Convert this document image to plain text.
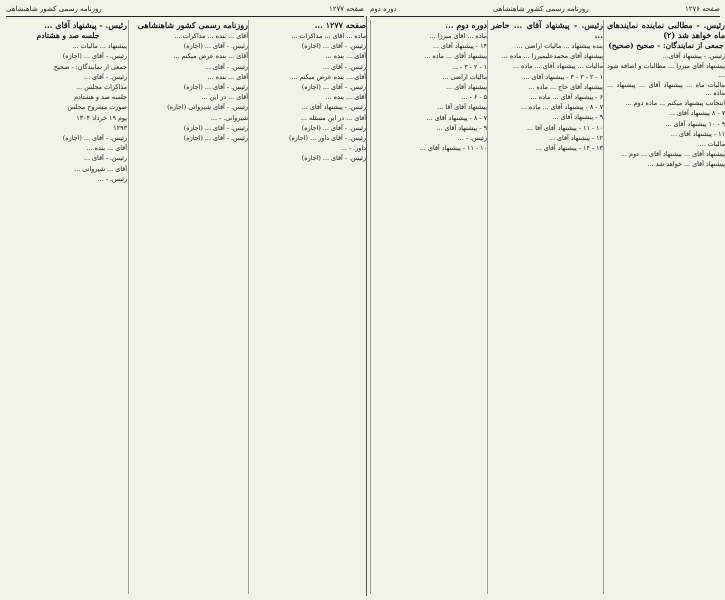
صفحه ۱۲۷۶
روزنامه رسمی کشور شاهنشاهی
دوره دوم
صفحه ۱۲۷۷
روزنامه رسمی کشور شاهنشاهی

رئیس. - مطالبی نماینده نمایندهای ماه خواهد شد (۲)

جمعی از نمایندگان: - صحیح (صحیح)

رئیس. - پیشنهاد آقای...

پیشنهاد آقای میرزا ... مطالبات و اضافه شود ...

مالیات ماه ... پیشنهاد آقای ... پیشنهاد ... ماده ...

اینجانب پیشنهاد میکنم ... ماده دوم ...

۷ - ۸ پیشنهاد آقای ...

۹ - ۱۰ پیشنهاد آقای ...

۱۱ - پیشنهاد آقای ...

مالیات ...

پیشنهاد آقای ... پیشنهاد آقای ... دوم ...

پیشنهاد آقای ... خواهد شد ...

رئیس. - پیشنهاد آقای ... حاضر ...

بنده پیشنهاد ... مالیات اراضی ...

پیشنهاد آقای محمدعلیمیرزا ... ماده ...

مالیات ... پیشنهاد آقای ... ماده ...

۱ - ۲ - ۳ - ۴ - پیشنهاد آقای ...

پیشنهاد آقای حاج ... ماده ...

۶ - پیشنهاد آقای ... ماده ...

۷ - ۸ - پیشنهاد آقای ... ماده ...

۹ - پیشنهاد آقای ...

۱۰ - ۱۱ - پیشنهاد آقای آقا ...

۱۲ - پیشنهاد آقای ...

۱۳ - ۱۴ - پیشنهاد آقای ...

دوره دوم ...

ماده ... اقای میرزا ...

۱۴ - پیشنهاد آقای ...

پیشنهاد آقای ... ماده ...

۱ - ۲ - ۳ - ...

مالیات اراضی ...

پیشنهاد آقای ...

۵ - ۶ - ...

پیشنهاد آقای آقا ...

۷ - ۸ - پیشنهاد آقای ...

۹ - پیشنهاد آقای ...

رئیس. - ...

۱۰ - ۱۱ - پیشنهاد آقای ...

صفحه ۱۲۷۷ ...

ماده ... اقای ... مذاکرات ...

رئیس. - آقای ... (اجازه)

آقای ... بنده ...

رئیس. - آقای ...

آقای ... بنده عرض میکنم ...

رئیس. - آقای ... (اجازه)

آقای ... بنده ...

رئیس. - پیشنهاد آقای ...

آقای ... در این مسئله ...

رئیس. - آقای ... (اجازه)

رئیس. - آقای داور ... (اجازه)

داور. - ...

رئیس. - آقای ... (اجازه)

روزنامه رسمی کشور شاهنشاهی

آقای ... بنده ... مذاکرات ...

رئیس. - آقای ... (اجازه)

آقای ... بنده عرض میکنم ...

رئیس. - آقای ...

آقای ... بنده ...

رئیس. - آقای ... (اجازه)

آقای ... در این ...

رئیس. - آقای شیروانی (اجازه)

شیروانی. - ...

رئیس. - آقای ... (اجازه)

رئیس. - آقای ... (اجازه)

رئیس. - پیشنهاد آقای ...

جلسه صد و هشتادم

پیشنهاد ... مالیات ...

رئیس. - آقای ... (اجازه)

جمعی از نمایندگان: - صحیح

رئیس. - آقای ...

مذاکرات مجلس ...

جلسه صد و هشتادم

صورت مشروح مجلس

یوم ۱۹ خرداد ۱۳۰۴

۱۲۹۳

رئیس. - آقای ... (اجازه)

آقای ... بنده ...

رئیس. - آقای ...

آقای ... شیروانی ...

رئیس. - ...
